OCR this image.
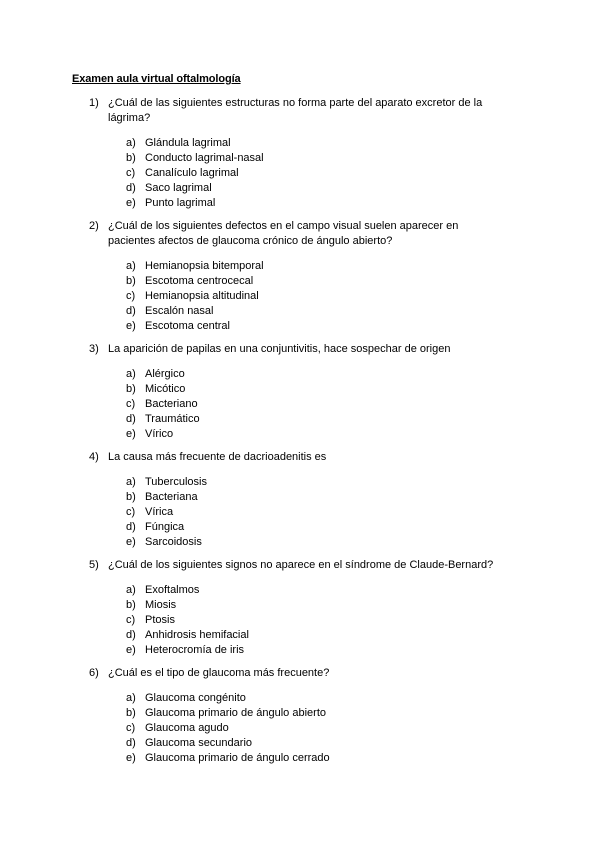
Examen aula virtual oftalmología
1) ¿Cuál de las siguientes estructuras no forma parte del aparato excretor de la lágrima?
a) Glándula lagrimal
b) Conducto lagrimal-nasal
c) Canalículo lagrimal
d) Saco lagrimal
e) Punto lagrimal
2) ¿Cuál de los siguientes defectos en el campo visual suelen aparecer en pacientes afectos de glaucoma crónico de ángulo abierto?
a) Hemianopsia bitemporal
b) Escotoma centrocecal
c) Hemianopsia altitudinal
d) Escalón nasal
e) Escotoma central
3) La aparición de papilas en una conjuntivitis, hace sospechar de origen
a) Alérgico
b) Micótico
c) Bacteriano
d) Traumático
e) Vírico
4) La causa más frecuente de dacrioadenitis es
a) Tuberculosis
b) Bacteriana
c) Vírica
d) Fúngica
e) Sarcoidosis
5) ¿Cuál de los siguientes signos no aparece en el síndrome de Claude-Bernard?
a) Exoftalmos
b) Miosis
c) Ptosis
d) Anhidrosis hemifacial
e) Heterocromía de iris
6) ¿Cuál es el tipo de glaucoma más frecuente?
a) Glaucoma congénito
b) Glaucoma primario de ángulo abierto
c) Glaucoma agudo
d) Glaucoma secundario
e) Glaucoma primario de ángulo cerrado
